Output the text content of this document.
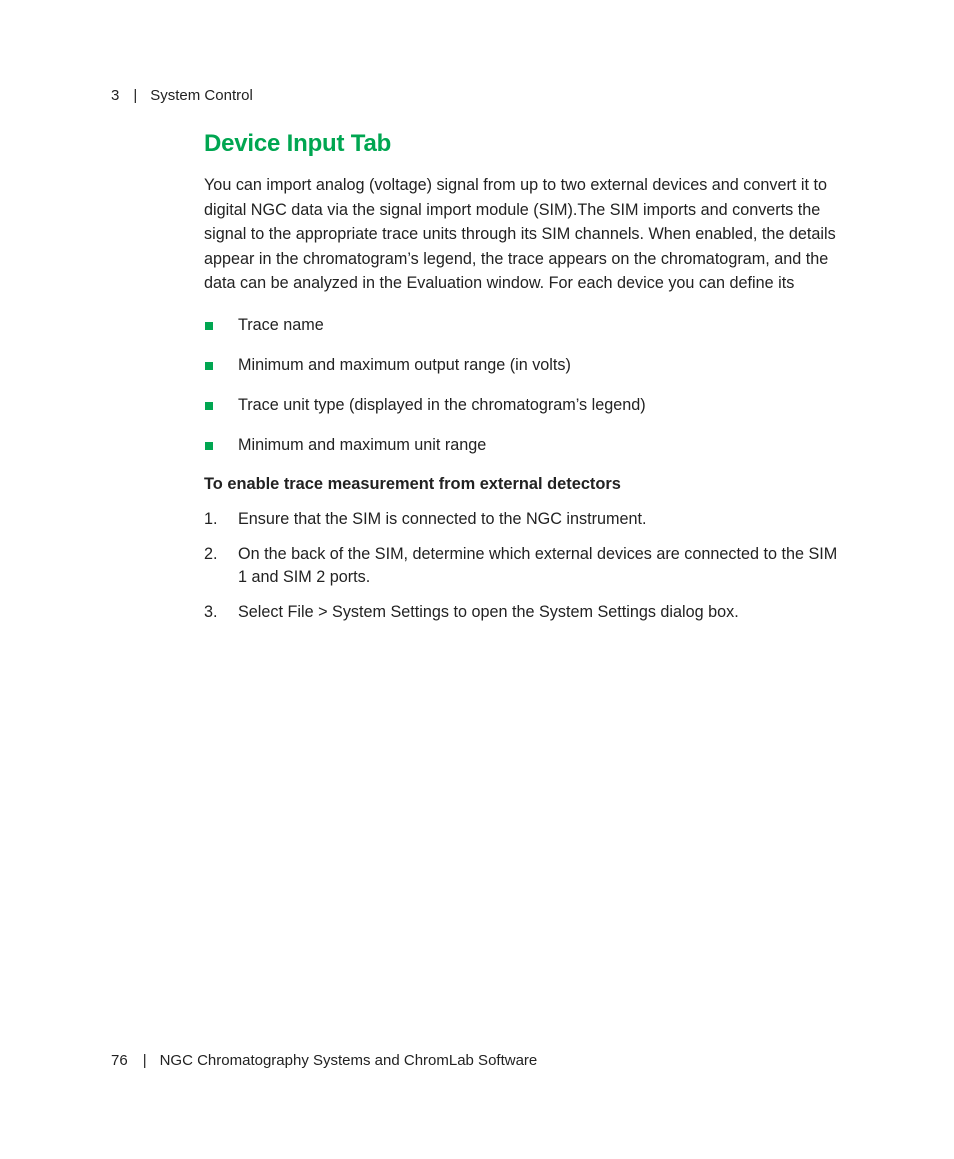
3 | System Control
Device Input Tab

You can import analog (voltage) signal from up to two external devices and convert it to digital NGC data via the signal import module (SIM).The SIM imports and converts the signal to the appropriate trace units through its SIM channels. When enabled, the details appear in the chromatogram’s legend, the trace appears on the chromatogram, and the data can be analyzed in the Evaluation window. For each device you can define its

Trace name
Minimum and maximum output range (in volts)
Trace unit type (displayed in the chromatogram’s legend)
Minimum and maximum unit range
To enable trace measurement from external detectors
1. Ensure that the SIM is connected to the NGC instrument.
2. On the back of the SIM, determine which external devices are connected to the SIM 1 and SIM 2 ports.
3. Select File > System Settings to open the System Settings dialog box.
76 | NGC Chromatography Systems and ChromLab Software
